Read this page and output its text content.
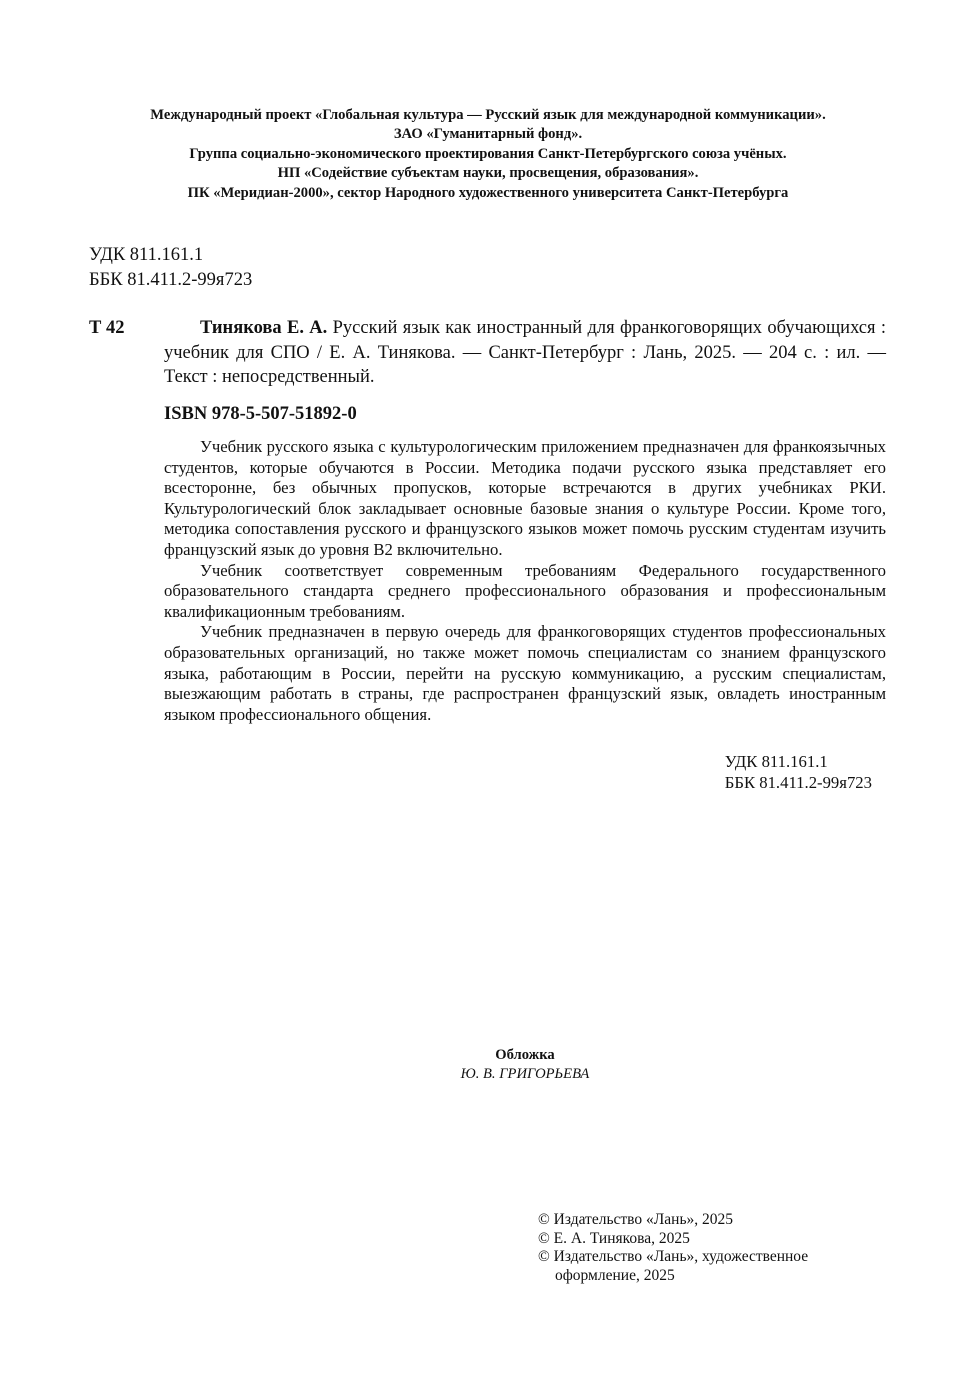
Международный проект «Глобальная культура — Русский язык для международной коммуникации».
ЗАО «Гуманитарный фонд».
Группа социально-экономического проектирования Санкт-Петербургского союза учёных.
НП «Содействие субъектам науки, просвещения, образования».
ПК «Меридиан-2000», сектор Народного художественного университета Санкт-Петербурга
УДК 811.161.1
ББК 81.411.2-99я723
Т 42	Тинякова Е. А. Русский язык как иностранный для франкоговорящих обучающихся : учебник для СПО / Е. А. Тинякова. — Санкт-Петербург : Лань, 2025. — 204 с. : ил. — Текст : непосредственный.
ISBN 978-5-507-51892-0

Учебник русского языка с культурологическим приложением предназначен для франкоязычных студентов, которые обучаются в России. Методика подачи русского языка представляет его всесторонне, без обычных пропусков, которые встречаются в других учебниках РКИ. Культурологический блок закладывает основные базовые знания о культуре России. Кроме того, методика сопоставления русского и французского языков может помочь русским студентам изучить французский язык до уровня B2 включительно.

Учебник соответствует современным требованиям Федерального государственного образовательного стандарта среднего профессионального образования и профессиональным квалификационным требованиям.

Учебник предназначен в первую очередь для франкоговорящих студентов профессиональных образовательных организаций, но также может помочь специалистам со знанием французского языка, работающим в России, перейти на русскую коммуникацию, а русским специалистам, выезжающим работать в страны, где распространен французский язык, овладеть иностранным языком профессионального общения.

УДК 811.161.1
ББК 81.411.2-99я723
Обложка
Ю. В. ГРИГОРЬЕВА
© Издательство «Лань», 2025
© Е. А. Тинякова, 2025
© Издательство «Лань», художественное оформление, 2025
